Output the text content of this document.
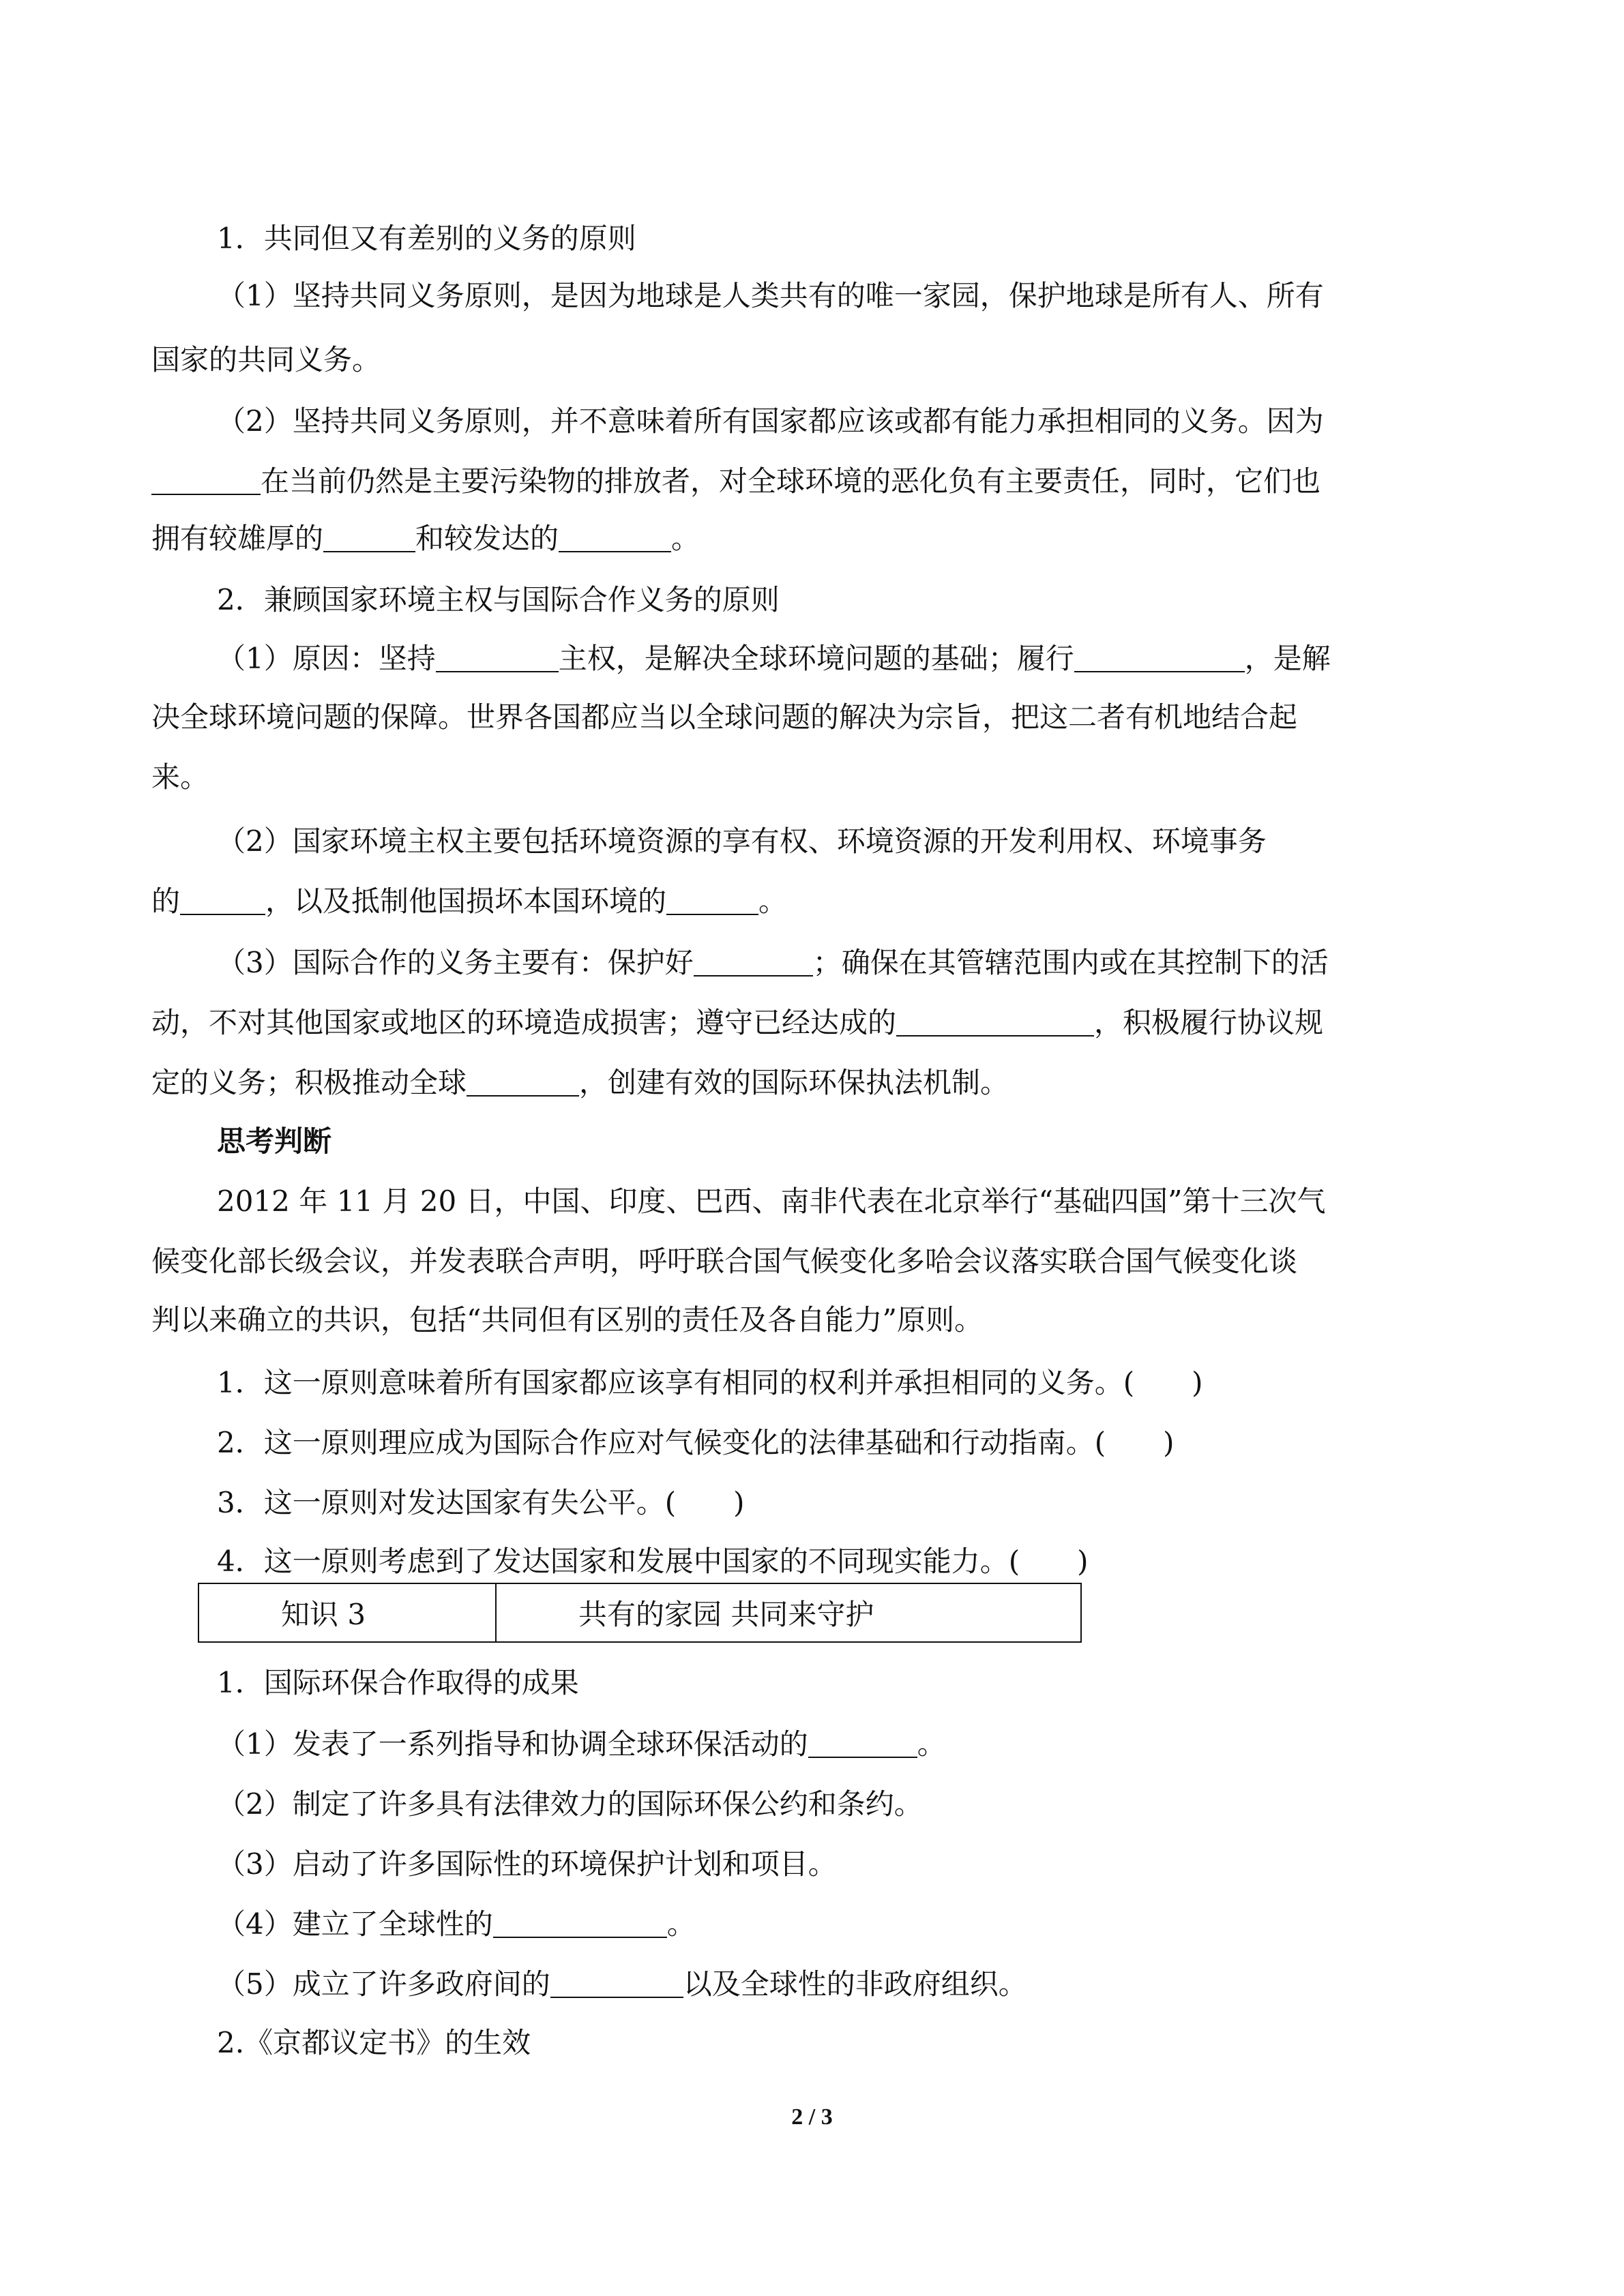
1．共同但又有差别的义务的原则
（1）坚持共同义务原则，是因为地球是人类共有的唯一家园，保护地球是所有人、所有
国家的共同义务。
（2）坚持共同义务原则，并不意味着所有国家都应该或都有能力承担相同的义务。因为
在当前仍然是主要污染物的排放者，对全球环境的恶化负有主要责任，同时，它们也
拥有较雄厚的	和较发达的	。
2．兼顾国家环境主权与国际合作义务的原则
（1）原因：坚持	主权，是解决全球环境问题的基础；履行	，是解
决全球环境问题的保障。世界各国都应当以全球问题的解决为宗旨，把这二者有机地结合起
来。
（2）国家环境主权主要包括环境资源的享有权、环境资源的开发利用权、环境事务
的	，以及抵制他国损坏本国环境的	。
（3）国际合作的义务主要有：保护好	；确保在其管辖范围内或在其控制下的活
动，不对其他国家或地区的环境造成损害；遵守已经达成的	，积极履行协议规
定的义务；积极推动全球	，创建有效的国际环保执法机制。
思考判断
2012 年 11 月 20 日，中国、印度、巴西、南非代表在北京举行“基础四国”第十三次气
候变化部长级会议，并发表联合声明，呼吁联合国气候变化多哈会议落实联合国气候变化谈
判以来确立的共识，包括“共同但有区别的责任及各自能力”原则。
1．这一原则意味着所有国家都应该享有相同的权利并承担相同的义务。(　　)
2．这一原则理应成为国际合作应对气候变化的法律基础和行动指南。(　　)
3．这一原则对发达国家有失公平。(　　)
4．这一原则考虑到了发达国家和发展中国家的不同现实能力。(　　)
知识 3	共有的家园 共同来守护
1．国际环保合作取得的成果
（1）发表了一系列指导和协调全球环保活动的	。
（2）制定了许多具有法律效力的国际环保公约和条约。
（3）启动了许多国际性的环境保护计划和项目。
（4）建立了全球性的	。
（5）成立了许多政府间的	以及全球性的非政府组织。
2.《京都议定书》的生效
2 / 3
